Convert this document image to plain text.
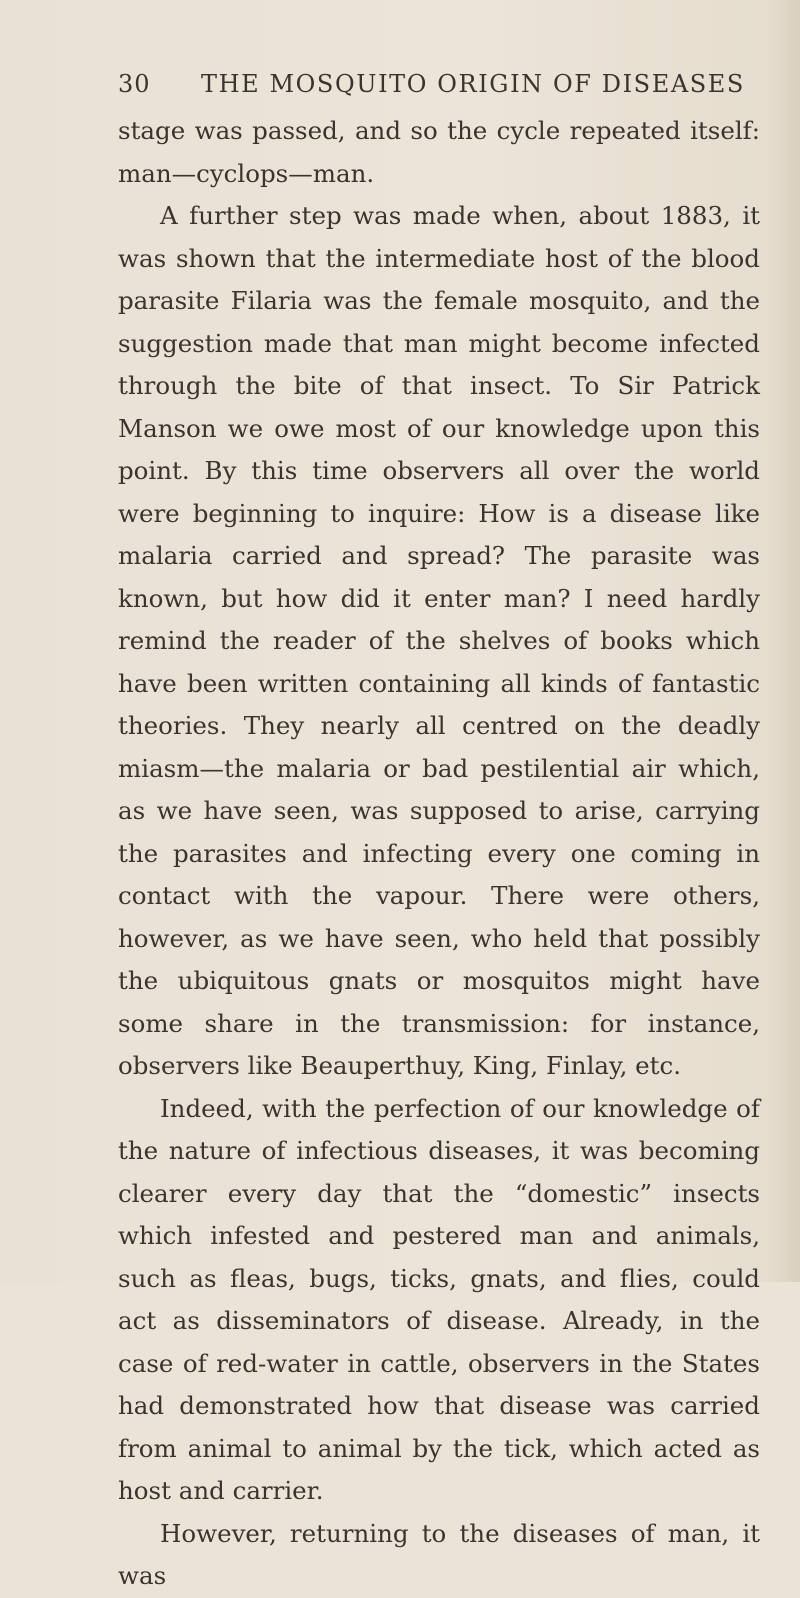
30 THE MOSQUITO ORIGIN OF DISEASES

stage was passed, and so the cycle repeated itself: man—cyclops—man.

A further step was made when, about 1883, it was shown that the intermediate host of the blood parasite Filaria was the female mosquito, and the suggestion made that man might become infected through the bite of that insect. To Sir Patrick Manson we owe most of our knowledge upon this point. By this time observers all over the world were beginning to inquire: How is a disease like malaria carried and spread? The parasite was known, but how did it enter man? I need hardly remind the reader of the shelves of books which have been written containing all kinds of fantastic theories. They nearly all centred on the deadly miasm—the malaria or bad pestilential air which, as we have seen, was supposed to arise, carrying the parasites and infecting every one coming in contact with the vapour. There were others, however, as we have seen, who held that possibly the ubiquitous gnats or mosquitos might have some share in the transmission: for instance, observers like Beauperthuy, King, Finlay, etc.

Indeed, with the perfection of our knowledge of the nature of infectious diseases, it was becoming clearer every day that the “domestic” insects which infested and pestered man and animals, such as fleas, bugs, ticks, gnats, and flies, could act as disseminators of disease. Already, in the case of red-water in cattle, observers in the States had demonstrated how that disease was carried from animal to animal by the tick, which acted as host and carrier.

However, returning to the diseases of man, it was
